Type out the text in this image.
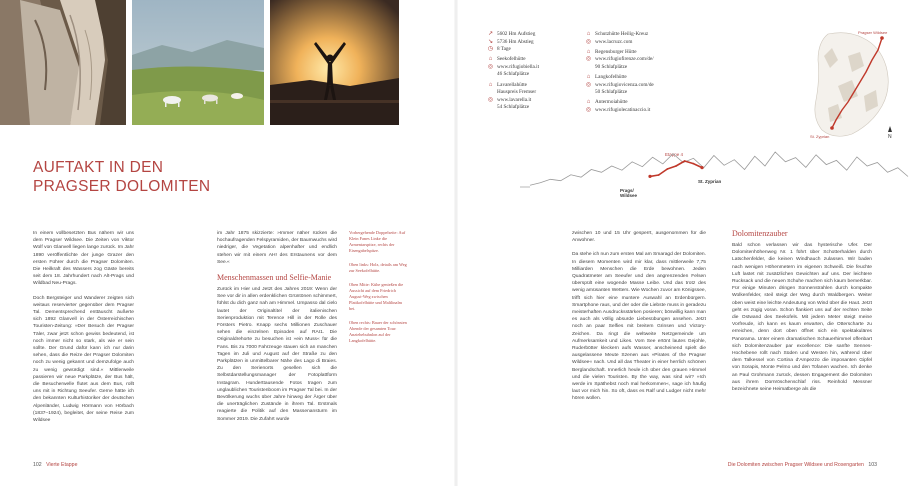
↗ 5602 Hm Aufstieg
↘ 5736 Hm Abstieg
◷ 8 Tage
⌂ Seekofelhütte
◎ www.rifugiobiella.it
46 Schlafplätze
⌂ Lavarellahütte
Hauspreis Fremser
◎ www.lavarella.it
54 Schlafplätze
⌂ Schutzhütte Heilig-Kreuz
◎ www.lacruzc.com
⌂ Regensburger Hütte
◎ www.rifugiofirenze.com/de/
90 Schlafplätze
⌂ Langkofelhütte
◎ www.rifugiovicenza.com/de
50 Schlafplätze
⌂ Antermoiahütte
◎ www.rifugiolecatinaccio.it
Pragser Wildsee
St. Zyprian	N
AUFTAKT IN DEN
PRAGSER DOLOMITEN
Etappe 4
Prags/ Wildsee
St. Zyprian

In einem vollbesetzten Bus nähern wir uns dem Pragser Wildsee. Die Zeiten von Viktor Wolf von Glanvell liegen lange zurück. Im Jahr 1890 veröffentlichte der junge Grazer den ersten Führer durch die Pragser Dolomiten. Die Heilkraft des Wassers zog Gäste bereits seit dem 18. Jahrhundert nach Alt-Prags und Wildbad Neu-Prags.

Doch Bergsteiger und Wanderer zeigten sich weitaus reservierter gegenüber dem Pragser Tal. Dementsprechend enttäuscht äußerte sich 1892 Glanvell in der Österreichischen Touristen-Zeitung: »Der Besuch der Pragser Täler, zwar jetzt schon gewiss bedeutend, ist noch immer nicht so stark, als wie er sein sollte. Der Grund dafür kann ich nur darin sehen, dass die Reize der Pragser Dolomiten noch zu wenig gekannt und demzufolge auch zu wenig gewürdigt sind.« Mittlerweile passieren wir neue Parkplätze, der Bus hält, die Besucherwelle flutet aus dem Bus, rollt uns mit in Richtung Seeufer. Gerne hätte ich den bekannten Kulturhistoriker der deutschen Alpenländer, Ludwig Hörmann von Hörbach (1837–1924), begleitet, der seine Reise zum Wildsee

im Jahr 1875 skizzierte: »Immer näher rücken die hochaufragenden Felspyramiden, der Baumwuchs wird niedriger, die Vegetation alpenhafter und endlich stehen wir mit einem AH! des Erstaunens vor dem See.«

Menschenmassen und Selfie-Manie

Zurück im Hier und Jetzt des Jahres 2019: Wenn der See vor dir in allen erdenklichen Grüntönen schimmert, fühlst du dich ganz nah am Himmel. Umpasso dal cielo lautet der Originaltitel der italienischen Serienproduktion mit Terence Hill in der Rolle des Försters Pietro. Knapp sechs Millionen Zuschauer sehen die einzelnen Episoden auf RAI1. Die Originaldrehorte zu besuchen ist »ein Muss« für die Fans. Bis zu 7000 Fahrzeuge stauen sich an manchen Tagen im Juli und August auf der Straße zu den Parkplätzen in unmittelbarer Nähe des Lago di Braies. Zu den Serienorts gesellen sich die Selbstdarstellungsmanager der Fotoplattform Instagram. Hunderttausende Fotos tragen zum unglaublichen Touristenboom im Pragser Tal bei. In der Bevölkerung wuchs über Jahre hinweg der Ärger über die unerträglichen Zustände in ihrem Tal. Erstmals reagierte die Politik auf den Massenansturm im Sommer 2019. Die Zufahrt wurde

Vorhergehende Doppelseite: Auf Klein Fanes Linke die Armentarspitze, rechts der Eisengabelspitze.

Oben links: Holz, details am Weg zur Seekofelhütte.

Oben Mitte: Kühe genießen die Aussicht auf dem Friedrich August-Weg zwischen Plattkofelhütte und Maltlinalm bei.

Oben rechts: Bauer der schönsten Abende der gesamten Tour: Anziehebuhnlon auf der Langkofelhütte.

zwischen 10 und 15 Uhr gesperrt, ausgenommen für die Anwohner.

Da stehe ich nun zum ersten Mal am Smaragd der Dolomiten. In diesem Momenten wird mir klar, dass mittlerweile 7,75 Milliarden Menschen die Erde bewohnen. Jeden Quadratmeter am Seeufer und den angrenzenden Felsen überspült eine wogende Masse Leibe. Und das trotz des wenig amüsanten Wetters. Wie Wochen zuvor am Königssee, trifft sich hier eine muntere Auswahl an Erdenbürgern. Smartphone raus, und der oder die Liebste muss in geradezu meisterhaften Ausdrucksstärken posieren; böswillig kann man es auch als völlig absurde Liebesübungen ansehen. Jetzt noch an paar Selfies mit breitem Grinsen und Victory-Zeichen. Da ringt die weltweite Netzgemeinde um Aufmerksamkeit und Likes. Vom See ertönt lautes Gejohle, Ruderbötter kleckern aufs Wasser, anscheinend spielt die ausgelassene Meute Szenen aus »Pirates of the Pragser Wildsee« nach. Und all das Theater in einer herrlich schönen Berglandschaft. Innerlich heule ich über den grauen Himmel und die vielen Touristen. By the way, was sind wir? »Ich werde im Späthebst noch mal herkommen«, sage ich häufig laut vor mich hin. So oft, dass es Ralf und Ludger nicht mehr hören wollen.

Dolomitenzauber

Bald schon verlassen wir das hysterische Ufer. Der Dolomitenhöhenweg Nr. 1 führt über Schotterhalden durch Latschenfelder, die keinen Windhauch zulassen. Wir baden nach wenigen Höhenmetern im eigenen Schweiß. Die feuchte Luft lastet mit zusätzlichen Gewichten auf uns. Der leichtere Rucksack und die neuen Schuhe machen sich kaum bemerkbar. Für einige Minuten dringen Sonnenstrahlen durch kompakte Wolkenfelder, steil steigt der Weg durch Waldbergen. Weiter oben weist eine leichte Andeutung von Wind über die Haut. Jetzt geht es zügig voran. Schon flankiert uns auf der rechten Seite die Ostwand des Seekofels. Mit jedem Meter steigt meine Vorfreude, ich kann es kaum erwarten, die Otterscharte zu erreichen, denn dort oben öffnet sich ein spektakuläres Panorama. Unter einem dramatischen Schauerhimmel offenbart sich Dolomitenzauber par excellence: Die sanfte Sennes-Hochebene rollt nach Süden und Westen hin, während über dem Talkessel von Cortina d'Ampezzo die imposanten Gipfel von Sorapis, Monte Pelmo und den Tofanen wachen. Ich denke an Paul Grohmann zurück, dessen Engagement die Dolomiten aus ihrem Dornröschenschlaf riss. Reinhold Messner bezeichnete seine Heimatberge als die

102 Vierte Etappe	Die Dolomiten zwischen Pragser Wildsee und Rosengarten 103
